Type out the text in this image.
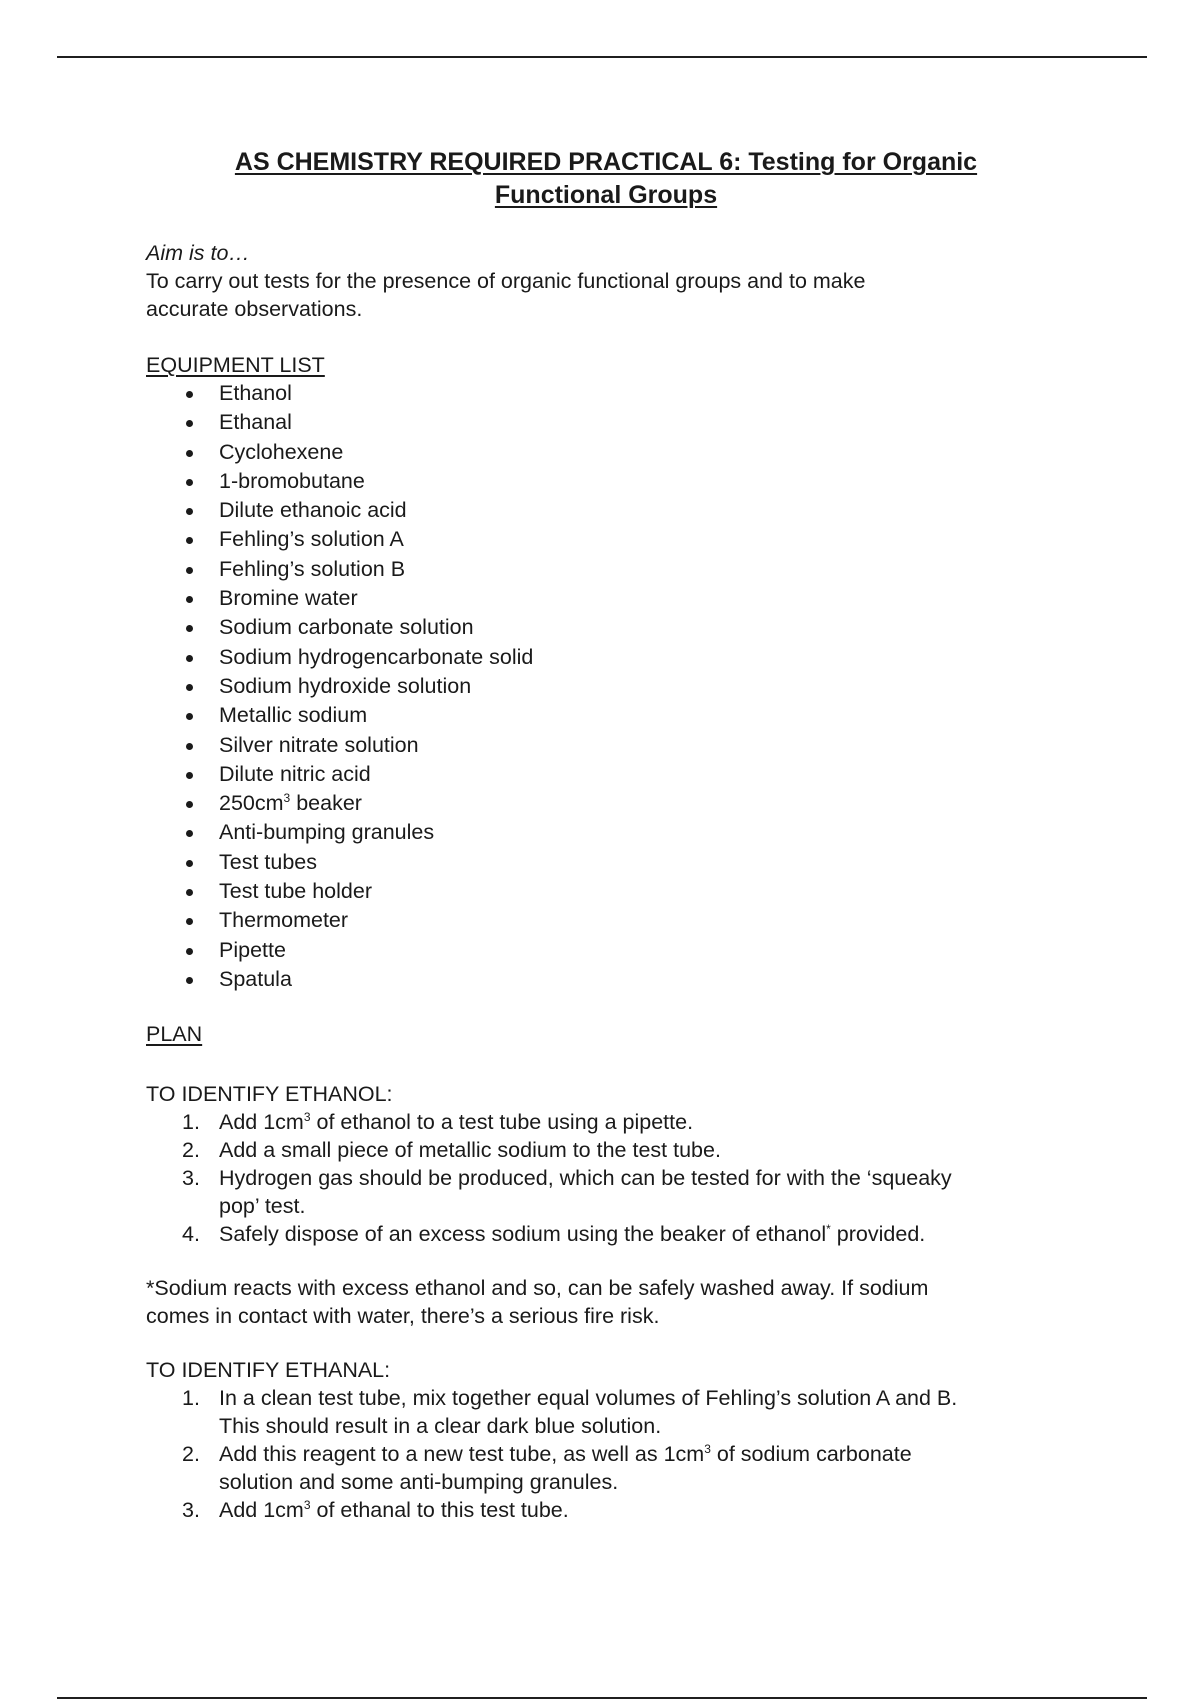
AS CHEMISTRY REQUIRED PRACTICAL 6: Testing for Organic
Functional Groups
Aim is to…
To carry out tests for the presence of organic functional groups and to make
accurate observations.
EQUIPMENT LIST
Ethanol
Ethanal
Cyclohexene
1-bromobutane
Dilute ethanoic acid
Fehling’s solution A
Fehling’s solution B
Bromine water
Sodium carbonate solution
Sodium hydrogencarbonate solid
Sodium hydroxide solution
Metallic sodium
Silver nitrate solution
Dilute nitric acid
$250cm^3$ beaker
Anti-bumping granules
Test tubes
Test tube holder
Thermometer
Pipette
Spatula
PLAN
TO IDENTIFY ETHANOL:
1. Add $1cm^3$ of ethanol to a test tube using a pipette.
2. Add a small piece of metallic sodium to the test tube.
3. Hydrogen gas should be produced, which can be tested for with the ‘squeaky
pop’ test.
4. Safely dispose of an excess sodium using the beaker of ethanol* provided.
*Sodium reacts with excess ethanol and so, can be safely washed away. If sodium
comes in contact with water, there’s a serious fire risk.
TO IDENTIFY ETHANAL:
1. In a clean test tube, mix together equal volumes of Fehling’s solution A and B.
This should result in a clear dark blue solution.
2. Add this reagent to a new test tube, as well as $1cm^3$ of sodium carbonate
solution and some anti-bumping granules.
3. Add $1cm^3$ of ethanal to this test tube.
